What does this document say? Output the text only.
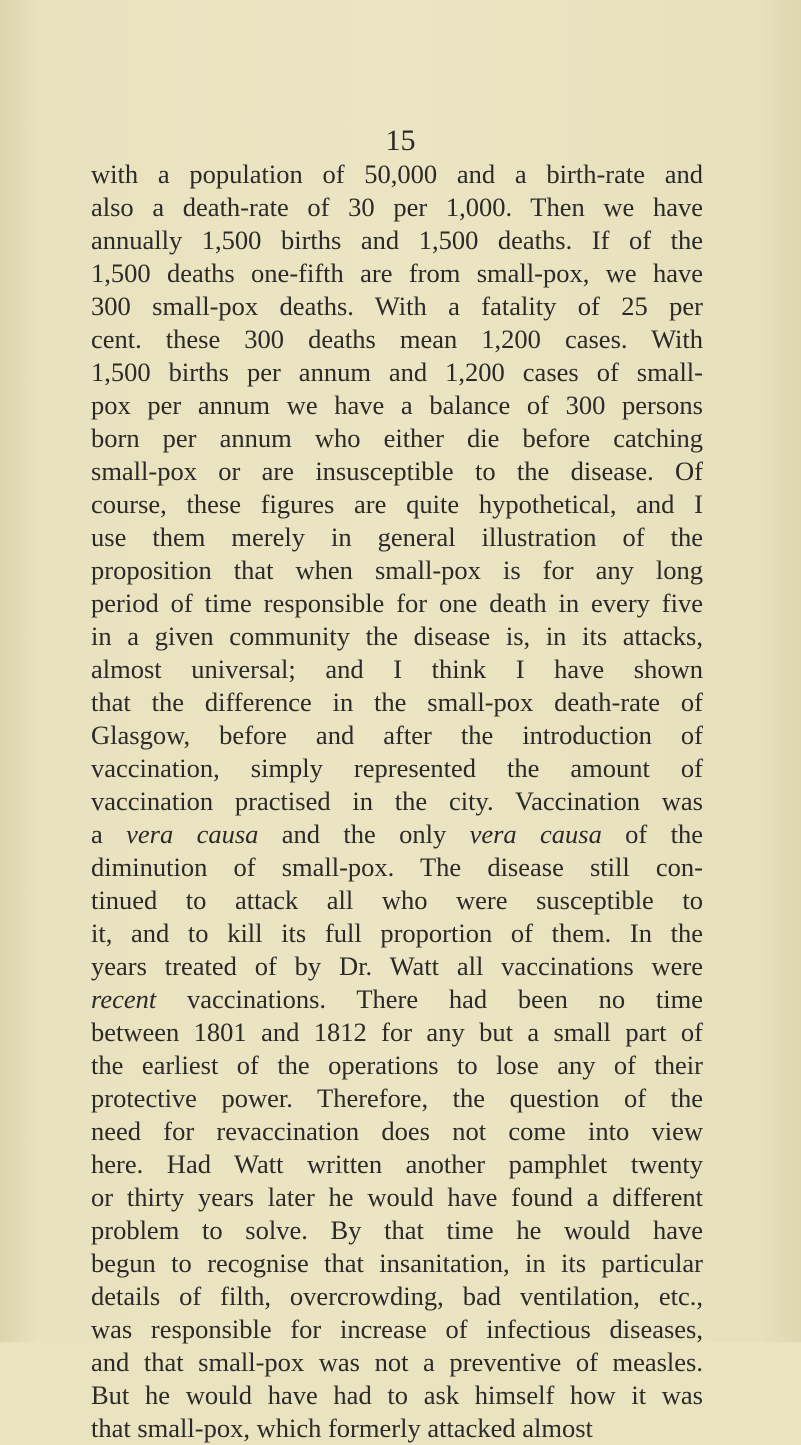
15
with a population of 50,000 and a birth-rate and
also a death-rate of 30 per 1,000. Then we have
annually 1,500 births and 1,500 deaths. If of the
1,500 deaths one-fifth are from small-pox, we have
300 small-pox deaths. With a fatality of 25 per
cent. these 300 deaths mean 1,200 cases. With
1,500 births per annum and 1,200 cases of small-
pox per annum we have a balance of 300 persons
born per annum who either die before catching
small-pox or are insusceptible to the disease. Of
course, these figures are quite hypothetical, and I
use them merely in general illustration of the
proposition that when small-pox is for any long
period of time responsible for one death in every five
in a given community the disease is, in its attacks,
almost universal; and I think I have shown
that the difference in the small-pox death-rate of
Glasgow, before and after the introduction of
vaccination, simply represented the amount of
vaccination practised in the city. Vaccination was
a vera causa and the only vera causa of the
diminution of small-pox. The disease still con-
tinued to attack all who were susceptible to
it, and to kill its full proportion of them. In the
years treated of by Dr. Watt all vaccinations were
recent vaccinations. There had been no time
between 1801 and 1812 for any but a small part of
the earliest of the operations to lose any of their
protective power. Therefore, the question of the
need for revaccination does not come into view
here. Had Watt written another pamphlet twenty
or thirty years later he would have found a different
problem to solve. By that time he would have
begun to recognise that insanitation, in its particular
details of filth, overcrowding, bad ventilation, etc.,
was responsible for increase of infectious diseases,
and that small-pox was not a preventive of measles.
But he would have had to ask himself how it was
that small-pox, which formerly attacked almost
